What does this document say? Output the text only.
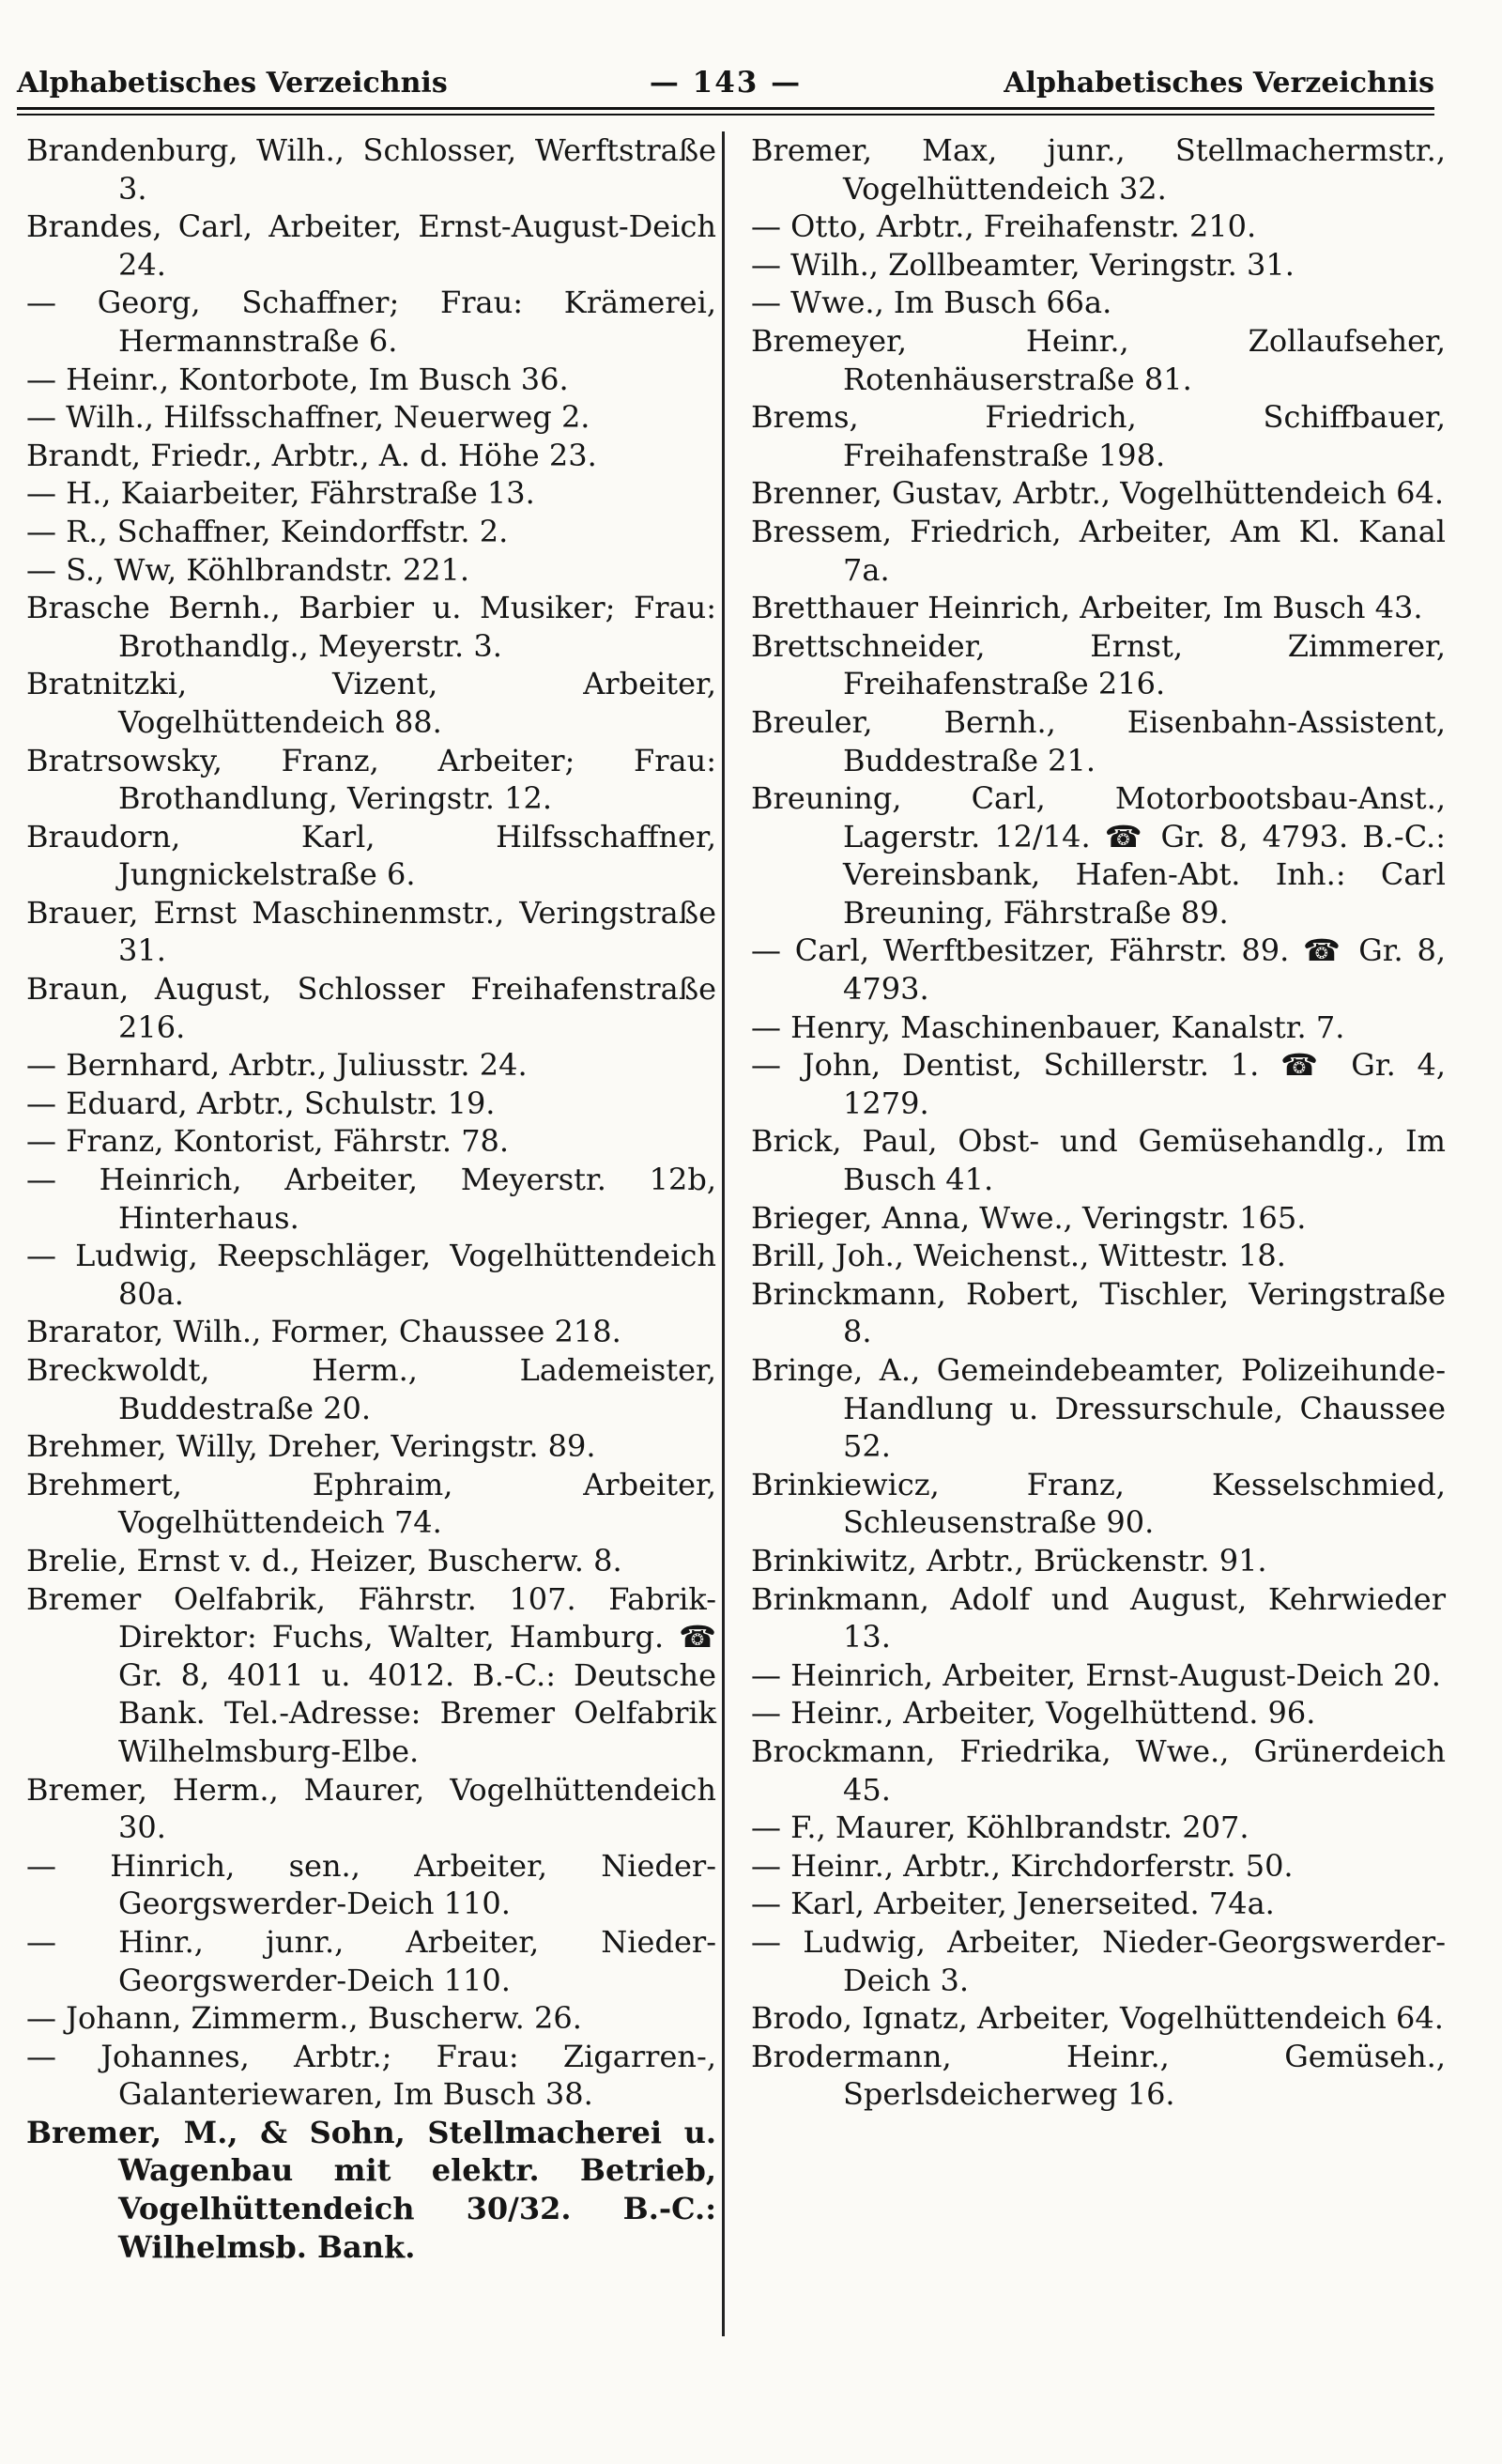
Alphabetisches Verzeichnis	— 143 —	Alphabetisches Verzeichnis

Brandenburg, Wilh., Schlosser, Werftstraße 3.

Brandes, Carl, Arbeiter, Ernst-August-Deich 24.

— Georg, Schaffner; Frau: Krämerei, Hermannstraße 6.

— Heinr., Kontorbote, Im Busch 36.

— Wilh., Hilfsschaffner, Neuerweg 2.

Brandt, Friedr., Arbtr., A. d. Höhe 23.

— H., Kaiarbeiter, Fährstraße 13.

— R., Schaffner, Keindorffstr. 2.

— S., Ww, Köhlbrandstr. 221.

Brasche Bernh., Barbier u. Musiker; Frau: Brothandlg., Meyerstr. 3.

Bratnitzki, Vizent, Arbeiter, Vogelhüttendeich 88.

Bratrsowsky, Franz, Arbeiter; Frau: Brothandlung, Veringstr. 12.

Braudorn, Karl, Hilfsschaffner, Jungnickelstraße 6.

Brauer, Ernst Maschinenmstr., Veringstraße 31.

Braun, August, Schlosser Freihafenstraße 216.

— Bernhard, Arbtr., Juliusstr. 24.

— Eduard, Arbtr., Schulstr. 19.

— Franz, Kontorist, Fährstr. 78.

— Heinrich, Arbeiter, Meyerstr. 12b, Hinterhaus.

— Ludwig, Reepschläger, Vogelhüttendeich 80a.

Brarator, Wilh., Former, Chaussee 218.

Breckwoldt, Herm., Lademeister, Buddestraße 20.

Brehmer, Willy, Dreher, Veringstr. 89.

Brehmert, Ephraim, Arbeiter, Vogelhüttendeich 74.

Brelie, Ernst v. d., Heizer, Buscherw. 8.

Bremer Oelfabrik, Fährstr. 107. Fabrik-Direktor: Fuchs, Walter, Hamburg. ☎ Gr. 8, 4011 u. 4012. B.-C.: Deutsche Bank. Tel.-Adresse: Bremer Oelfabrik Wilhelmsburg-Elbe.

Bremer, Herm., Maurer, Vogelhüttendeich 30.

— Hinrich, sen., Arbeiter, Nieder-Georgswerder-Deich 110.

— Hinr., junr., Arbeiter, Nieder-Georgswerder-Deich 110.

— Johann, Zimmerm., Buscherw. 26.

— Johannes, Arbtr.; Frau: Zigarren-, Galanteriewaren, Im Busch 38.

Bremer, M., & Sohn, Stellmacherei u. Wagenbau mit elektr. Betrieb, Vogelhüttendeich 30/32. B.-C.: Wilhelmsb. Bank.

Bremer, Max, junr., Stellmachermstr., Vogelhüttendeich 32.

— Otto, Arbtr., Freihafenstr. 210.

— Wilh., Zollbeamter, Veringstr. 31.

— Wwe., Im Busch 66a.

Bremeyer, Heinr., Zollaufseher, Rotenhäuserstraße 81.

Brems, Friedrich, Schiffbauer, Freihafenstraße 198.

Brenner, Gustav, Arbtr., Vogelhüttendeich 64.

Bressem, Friedrich, Arbeiter, Am Kl. Kanal 7a.

Bretthauer Heinrich, Arbeiter, Im Busch 43.

Brettschneider, Ernst, Zimmerer, Freihafenstraße 216.

Breuler, Bernh., Eisenbahn-Assistent, Buddestraße 21.

Breuning, Carl, Motorbootsbau-Anst., Lagerstr. 12/14. ☎ Gr. 8, 4793. B.-C.: Vereinsbank, Hafen-Abt. Inh.: Carl Breuning, Fährstraße 89.

— Carl, Werftbesitzer, Fährstr. 89. ☎ Gr. 8, 4793.

— Henry, Maschinenbauer, Kanalstr. 7.

— John, Dentist, Schillerstr. 1. ☎ Gr. 4, 1279.

Brick, Paul, Obst- und Gemüsehandlg., Im Busch 41.

Brieger, Anna, Wwe., Veringstr. 165.

Brill, Joh., Weichenst., Wittestr. 18.

Brinckmann, Robert, Tischler, Veringstraße 8.

Bringe, A., Gemeindebeamter, Polizeihunde-Handlung u. Dressurschule, Chaussee 52.

Brinkiewicz, Franz, Kesselschmied, Schleusenstraße 90.

Brinkiwitz, Arbtr., Brückenstr. 91.

Brinkmann, Adolf und August, Kehrwieder 13.

— Heinrich, Arbeiter, Ernst-August-Deich 20.

— Heinr., Arbeiter, Vogelhüttend. 96.

Brockmann, Friedrika, Wwe., Grünerdeich 45.

— F., Maurer, Köhlbrandstr. 207.

— Heinr., Arbtr., Kirchdorferstr. 50.

— Karl, Arbeiter, Jenerseited. 74a.

— Ludwig, Arbeiter, Nieder-Georgswerder-Deich 3.

Brodo, Ignatz, Arbeiter, Vogelhüttendeich 64.

Brodermann, Heinr., Gemüseh., Sperlsdeicherweg 16.
